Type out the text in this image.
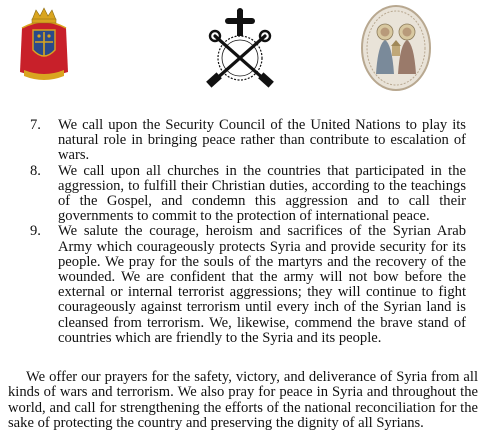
7. We call upon the Security Council of the United Nations to play its natural role in bringing peace rather than contribute to escalation of wars.
8. We call upon all churches in the countries that participated in the aggression, to fulfill their Christian duties, according to the teachings of the Gospel, and condemn this aggression and to call their governments to commit to the protection of international peace.
9. We salute the courage, heroism and sacrifices of the Syrian Arab Army which courageously protects Syria and provide security for its people. We pray for the souls of the martyrs and the recovery of the wounded. We are confident that the army will not bow before the external or internal terrorist aggressions; they will continue to fight courageously against terrorism until every inch of the Syrian land is cleansed from terrorism. We, likewise, commend the brave stand of countries which are friendly to the Syria and its people.

We offer our prayers for the safety, victory, and deliverance of Syria from all kinds of wars and terrorism. We also pray for peace in Syria and throughout the world, and call for strengthening the efforts of the national reconciliation for the sake of protecting the country and preserving the dignity of all Syrians.
